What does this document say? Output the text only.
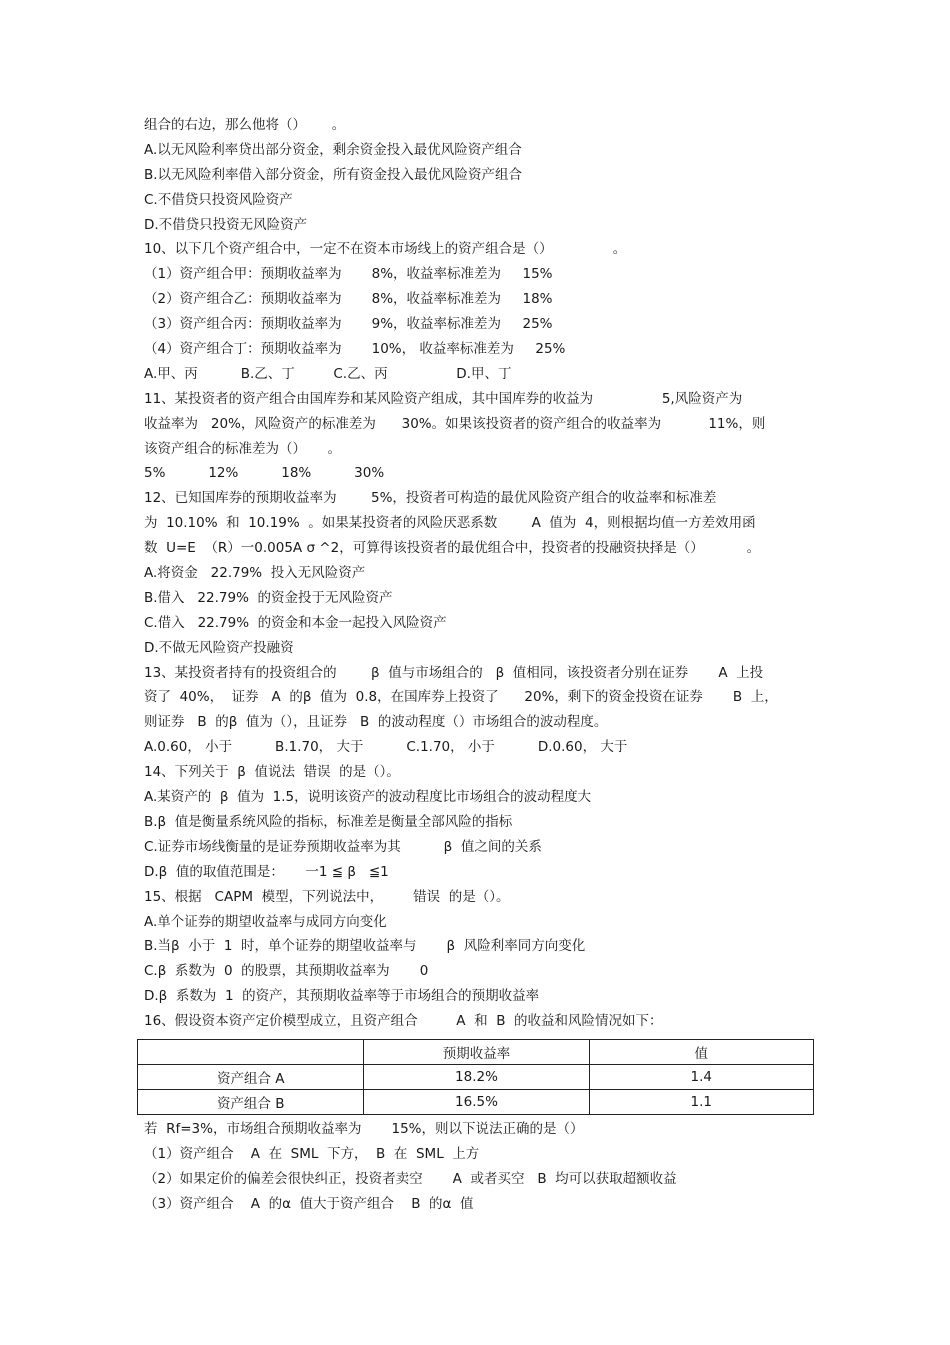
组合的右边，那么他将（）      。
A.以无风险利率贷出部分资金，剩余资金投入最优风险资产组合
B.以无风险利率借入部分资金，所有资金投入最优风险资产组合
C.不借贷只投资风险资产
D.不借贷只投资无风险资产
10、以下几个资产组合中，一定不在资本市场线上的资产组合是（）              。
（1）资产组合甲：预期收益率为       8%，收益率标准差为     15%
（2）资产组合乙：预期收益率为       8%，收益率标准差为     18%
（3）资产组合丙：预期收益率为       9%，收益率标准差为     25%
（4）资产组合丁：预期收益率为       10%， 收益率标准差为     25%
A.甲、丙          B.乙、丁         C.乙、丙                D.甲、丁
11、某投资者的资产组合由国库券和某风险资产组成，其中国库券的收益为                5,风险资产为
收益率为   20%，风险资产的标准差为      30%。如果该投资者的资产组合的收益率为           11%，则
该资产组合的标准差为（）     。
5%          12%          18%          30%
12、已知国库券的预期收益率为        5%，投资者可构造的最优风险资产组合的收益率和标准差
为  10.10%  和  10.19%  。如果某投资者的风险厌恶系数        A  值为  4，则根据均值一方差效用函
数  U=E  （R）一0.005A σ ^2，可算得该投资者的最优组合中，投资者的投融资抉择是（）          。
A.将资金   22.79%  投入无风险资产
B.借入   22.79%  的资金投于无风险资产
C.借入   22.79%  的资金和本金一起投入风险资产
D.不做无风险资产投融资
13、某投资者持有的投资组合的        β  值与市场组合的   β  值相同，该投资者分别在证券       A  上投
资了  40%，  证券   A  的β  值为  0.8，在国库券上投资了      20%，剩下的资金投资在证券       B  上，
则证券   B  的β  值为（），且证券   B  的波动程度（）市场组合的波动程度。
A.0.60， 小于          B.1.70， 大于          C.1.70， 小于          D.0.60， 大于
14、下列关于  β  值说法  错误  的是（）。
A.某资产的  β  值为  1.5，说明该资产的波动程度比市场组合的波动程度大
B.β  值是衡量系统风险的指标，标准差是衡量全部风险的指标
C.证券市场线衡量的是证券预期收益率为其          β  值之间的关系
D.β  值的取值范围是：     一1 ≦ β   ≦1
15、根据   CAPM  模型，下列说法中，       错误  的是（）。
A.单个证券的期望收益率与成同方向变化
B.当β  小于  1  时，单个证券的期望收益率与       β  风险利率同方向变化
C.β  系数为  0  的股票，其预期收益率为       0
D.β  系数为  1  的资产，其预期收益率等于市场组合的预期收益率
16、假设资本资产定价模型成立，且资产组合         A  和  B  的收益和风险情况如下：
	预期收益率	值
资产组合 A	18.2%	1.4
资产组合 B	16.5%	1.1
若  Rf=3%，市场组合预期收益率为       15%，则以下说法正确的是（）
（1）资产组合    A  在  SML  下方，  B  在  SML  上方
（2）如果定价的偏差会很快纠正，投资者卖空       A  或者买空   B  均可以获取超额收益
（3）资产组合    A  的α  值大于资产组合    B  的α  值
